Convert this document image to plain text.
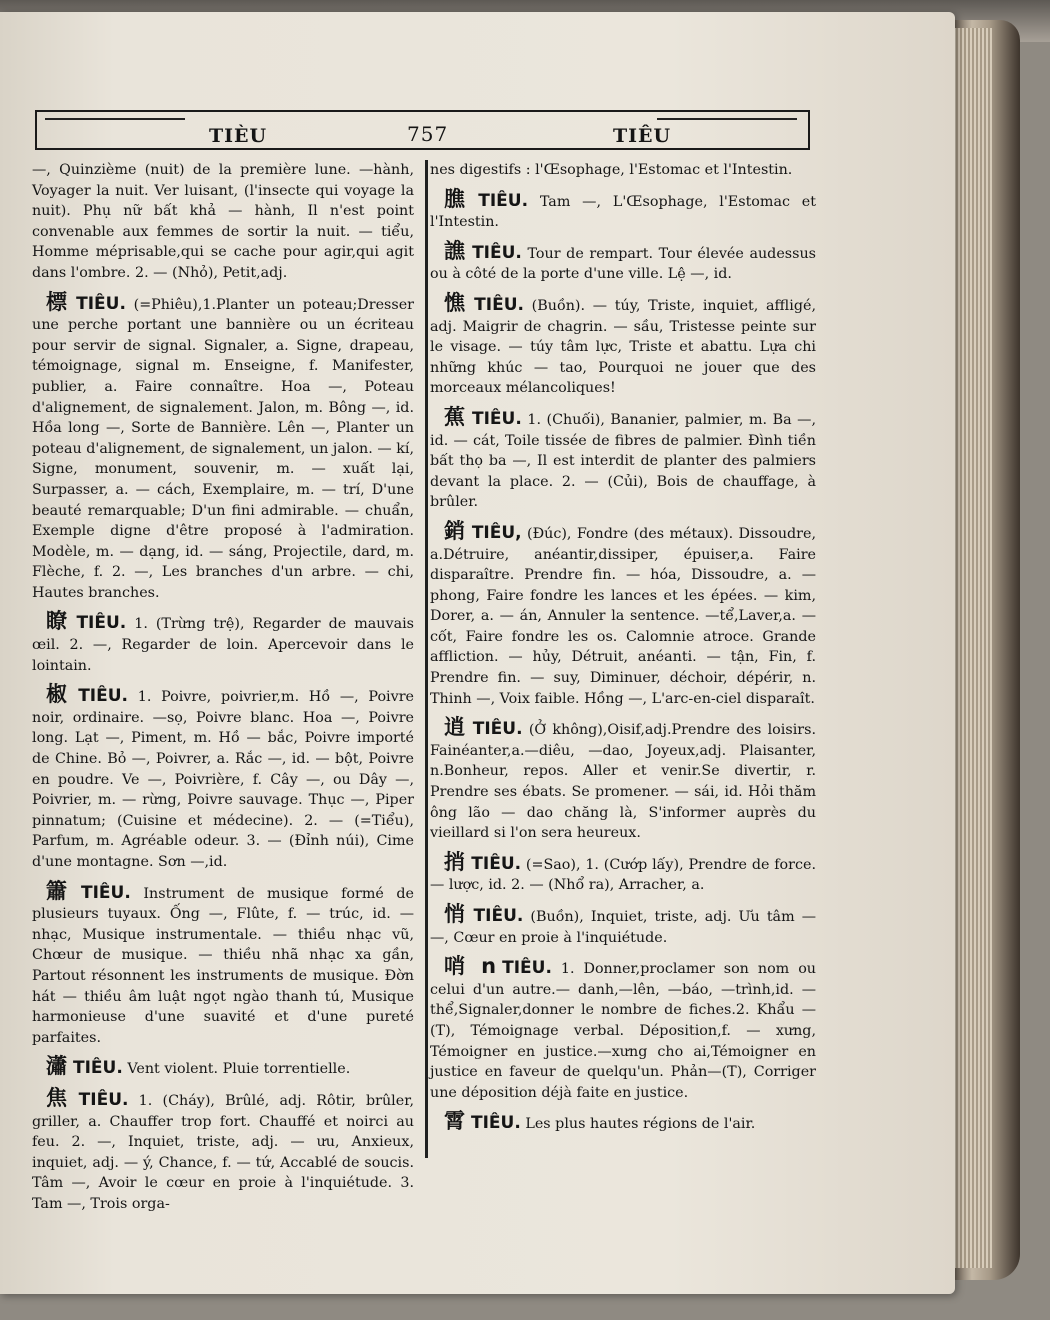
TIÈU	757	TIÊU

—, Quinzième (nuit) de la première lune. —hành, Voyager la nuit. Ver luisant, (l'insecte qui voyage la nuit). Phụ nữ bất khả — hành, Il n'est point convenable aux femmes de sortir la nuit. — tiểu, Homme méprisable,qui se cache pour agir,qui agit dans l'ombre. 2. — (Nhỏ), Petit,adj.

標 TIÊU. (=Phiêu),1.Planter un poteau;Dresser une perche portant une bannière ou un écriteau pour servir de signal. Signaler, a. Signe, drapeau, témoignage, signal m. Enseigne, f. Manifester, publier, a. Faire connaître. Hoa —, Poteau d'alignement, de signalement. Jalon, m. Bông —, id. Hồa long —, Sorte de Bannière. Lên —, Planter un poteau d'alignement, de signalement, un jalon. — kí, Signe, monument, souvenir, m. — xuất lại, Surpasser, a. — cách, Exemplaire, m. — trí, D'une beauté remarquable; D'un fini admirable. — chuẩn, Exemple digne d'être proposé à l'admiration. Modèle, m. — dạng, id. — sáng, Projectile, dard, m. Flèche, f. 2. —, Les branches d'un arbre. — chi, Hautes branches.

瞭 TIÊU. 1. (Trừng trệ), Regarder de mauvais œil. 2. —, Regarder de loin. Apercevoir dans le lointain.

椒 TIÊU. 1. Poivre, poivrier,m. Hồ —, Poivre noir, ordinaire. —sọ, Poivre blanc. Hoa —, Poivre long. Lạt —, Piment, m. Hồ — bắc, Poivre importé de Chine. Bỏ —, Poivrer, a. Rắc —, id. — bột, Poivre en poudre. Ve —, Poivrière, f. Cây —, ou Dây —, Poivrier, m. — rừng, Poivre sauvage. Thục —, Piper pinnatum; (Cuisine et médecine). 2. — (=Tiểu), Parfum, m. Agréable odeur. 3. — (Đỉnh núi), Cime d'une montagne. Sơn —,id.

簫 TIÊU. Instrument de musique formé de plusieurs tuyaux. Ống —, Flûte, f. — trúc, id. — nhạc, Musique instrumentale. — thiều nhạc vũ, Chœur de musique. — thiều nhã nhạc xa gần, Partout résonnent les instruments de musique. Đờn hát — thiều âm luật ngọt ngào thanh tú, Musique harmonieuse d'une suavité et d'une pureté parfaites.

瀟 TIÊU. Vent violent. Pluie torrentielle.

焦 TIÊU. 1. (Cháy), Brûlé, adj. Rôtir, brûler, griller, a. Chauffer trop fort. Chauffé et noirci au feu. 2. —, Inquiet, triste, adj. — ưu, Anxieux, inquiet, adj. — ý, Chance, f. — tứ, Accablé de soucis. Tâm —, Avoir le cœur en proie à l'inquiétude. 3. Tam —, Trois orga-

nes digestifs : l'Œsophage, l'Estomac et l'Intestin.

膲 TIÊU. Tam —, L'Œsophage, l'Estomac et l'Intestin.

譙 TIÊU. Tour de rempart. Tour élevée audessus ou à côté de la porte d'une ville. Lệ —, id.

憔 TIÊU. (Buồn). — túy, Triste, inquiet, affligé, adj. Maigrir de chagrin. — sầu, Tristesse peinte sur le visage. — túy tâm lực, Triste et abattu. Lựa chi những khúc — tao, Pourquoi ne jouer que des morceaux mélancoliques!

蕉 TIÊU. 1. (Chuối), Bananier, palmier, m. Ba —, id. — cát, Toile tissée de fibres de palmier. Đình tiền bất thọ ba —, Il est interdit de planter des palmiers devant la place. 2. — (Củi), Bois de chauffage, à brûler.

銷 TIÊU, (Đúc), Fondre (des métaux). Dissoudre, a.Détruire, anéantir,dissiper, épuiser,a. Faire disparaître. Prendre fin. — hóa, Dissoudre, a. — phong, Faire fondre les lances et les épées. — kim, Dorer, a. — án, Annuler la sentence. —tể,Laver,a. —cốt, Faire fondre les os. Calomnie atroce. Grande affliction. — hủy, Détruit, anéanti. — tận, Fin, f. Prendre fin. — suy, Diminuer, déchoir, dépérir, n. Thinh —, Voix faible. Hồng —, L'arc-en-ciel disparaît.

逍 TIÊU. (Ở không),Oisif,adj.Prendre des loisirs. Fainéanter,a.—diêu, —dao, Joyeux,adj. Plaisanter, n.Bonheur, repos. Aller et venir.Se divertir, r. Prendre ses ébats. Se promener. — sái, id. Hỏi thăm ông lão — dao chăng là, S'informer auprès du vieillard si l'on sera heureux.

捎 TIÊU. (=Sao), 1. (Cướp lấy), Prendre de force. — lược, id. 2. — (Nhổ ra), Arracher, a.

悄 TIÊU. (Buồn), Inquiet, triste, adj. Ưu tâm — —, Cœur en proie à l'inquiétude.

哨 n TIÊU. 1. Donner,proclamer son nom ou celui d'un autre.— danh,—lên, —báo, —trình,id. — thể,Signaler,donner le nombre de fiches.2. Khẩu — (T), Témoignage verbal. Déposition,f. — xưng, Témoigner en justice.—xưng cho ai,Témoigner en justice en faveur de quelqu'un. Phản—(T), Corriger une déposition déjà faite en justice.

霄 TIÊU. Les plus hautes régions de l'air.
